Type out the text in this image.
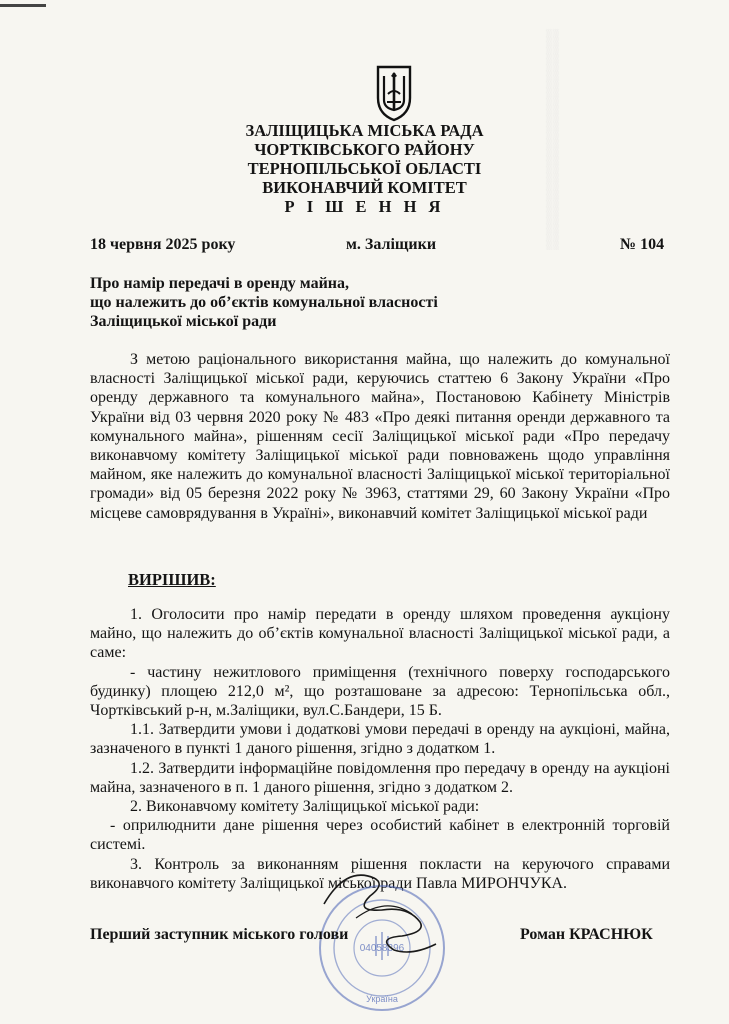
▒▒▒▒▒▒▒▒▒▒▒▒▒▒▒▒▒▒▒▒▒▒▒▒▒▒
ЗАЛІЩИЦЬКА МІСЬКА РАДА
ЧОРТКІВСЬКОГО РАЙОНУ
ТЕРНОПІЛЬСЬКОЇ ОБЛАСТІ
ВИКОНАВЧИЙ КОМІТЕТ
Р І Ш Е Н Н Я
18 червня 2025 року	м. Заліщики	№ 104
Про намір передачі в оренду майна,
що належить до об’єктів комунальної власності
Заліщицької міської ради

З метою раціонального використання майна, що належить до комунальної власності Заліщицької міської ради, керуючись статтею 6 Закону України «Про оренду державного та комунального майна», Постановою Кабінету Міністрів України від 03 червня 2020 року № 483 «Про деякі питання оренди державного та комунального майна», рішенням сесії Заліщицької міської ради «Про передачу виконавчому комітету Заліщицької міської ради повноважень щодо управління майном, яке належить до комунальної власності Заліщицької міської територіальної громади» від 05 березня 2022 року № 3963, статтями 29, 60 Закону України «Про місцеве самоврядування в Україні», виконавчий комітет Заліщицької міської ради

ВИРІШИВ:

1. Оголосити про намір передати в оренду шляхом проведення аукціону майно, що належить до об’єктів комунальної власності Заліщицької міської ради, а саме:

- частину нежитлового приміщення (технічного поверху господарського будинку) площею 212,0 м², що розташоване за адресою: Тернопільська обл., Чортківський р-н, м.Заліщики, вул.С.Бандери, 15 Б.

1.1. Затвердити умови і додаткові умови передачі в оренду на аукціоні, майна, зазначеного в пункті 1 даного рішення, згідно з додатком 1.

1.2. Затвердити інформаційне повідомлення про передачу в оренду на аукціоні майна, зазначеного в п. 1 даного рішення, згідно з додатком 2.

2. Виконавчому комітету Заліщицької міської ради:

- оприлюднити дане рішення через особистий кабінет в електронній торговій системі.

3. Контроль за виконанням рішення покласти на керуючого справами виконавчого комітету Заліщицької міської ради Павла МИРОНЧУКА.

04058396
Україна
Перший заступник міського голови	Роман КРАСНЮК
